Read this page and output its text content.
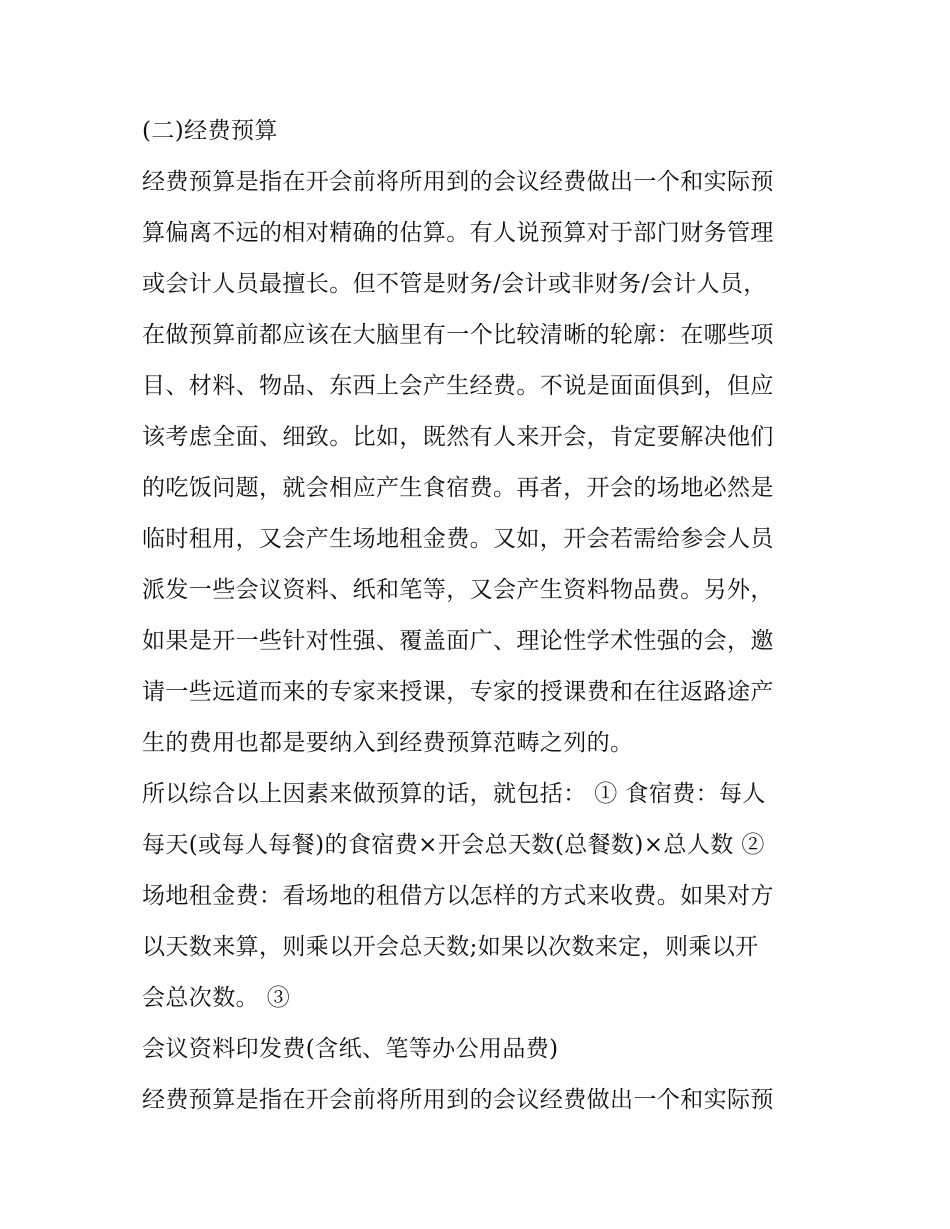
(二)经费预算
经费预算是指在开会前将所用到的会议经费做出一个和实际预
算偏离不远的相对精确的估算。有人说预算对于部门财务管理
或会计人员最擅长。但不管是财务/会计或非财务/会计人员，
在做预算前都应该在大脑里有一个比较清晰的轮廓：在哪些项
目、材料、物品、东西上会产生经费。不说是面面俱到，但应
该考虑全面、细致。比如，既然有人来开会，肯定要解决他们
的吃饭问题，就会相应产生食宿费。再者，开会的场地必然是
临时租用，又会产生场地租金费。又如，开会若需给参会人员
派发一些会议资料、纸和笔等，又会产生资料物品费。另外，
如果是开一些针对性强、覆盖面广、理论性学术性强的会，邀
请一些远道而来的专家来授课，专家的授课费和在往返路途产
生的费用也都是要纳入到经费预算范畴之列的。
所以综合以上因素来做预算的话，就包括： ① 食宿费：每人
每天(或每人每餐)的食宿费×开会总天数(总餐数)×总人数 ②
场地租金费：看场地的租借方以怎样的方式来收费。如果对方
以天数来算，则乘以开会总天数;如果以次数来定，则乘以开
会总次数。 ③
会议资料印发费(含纸、笔等办公用品费)
经费预算是指在开会前将所用到的会议经费做出一个和实际预
